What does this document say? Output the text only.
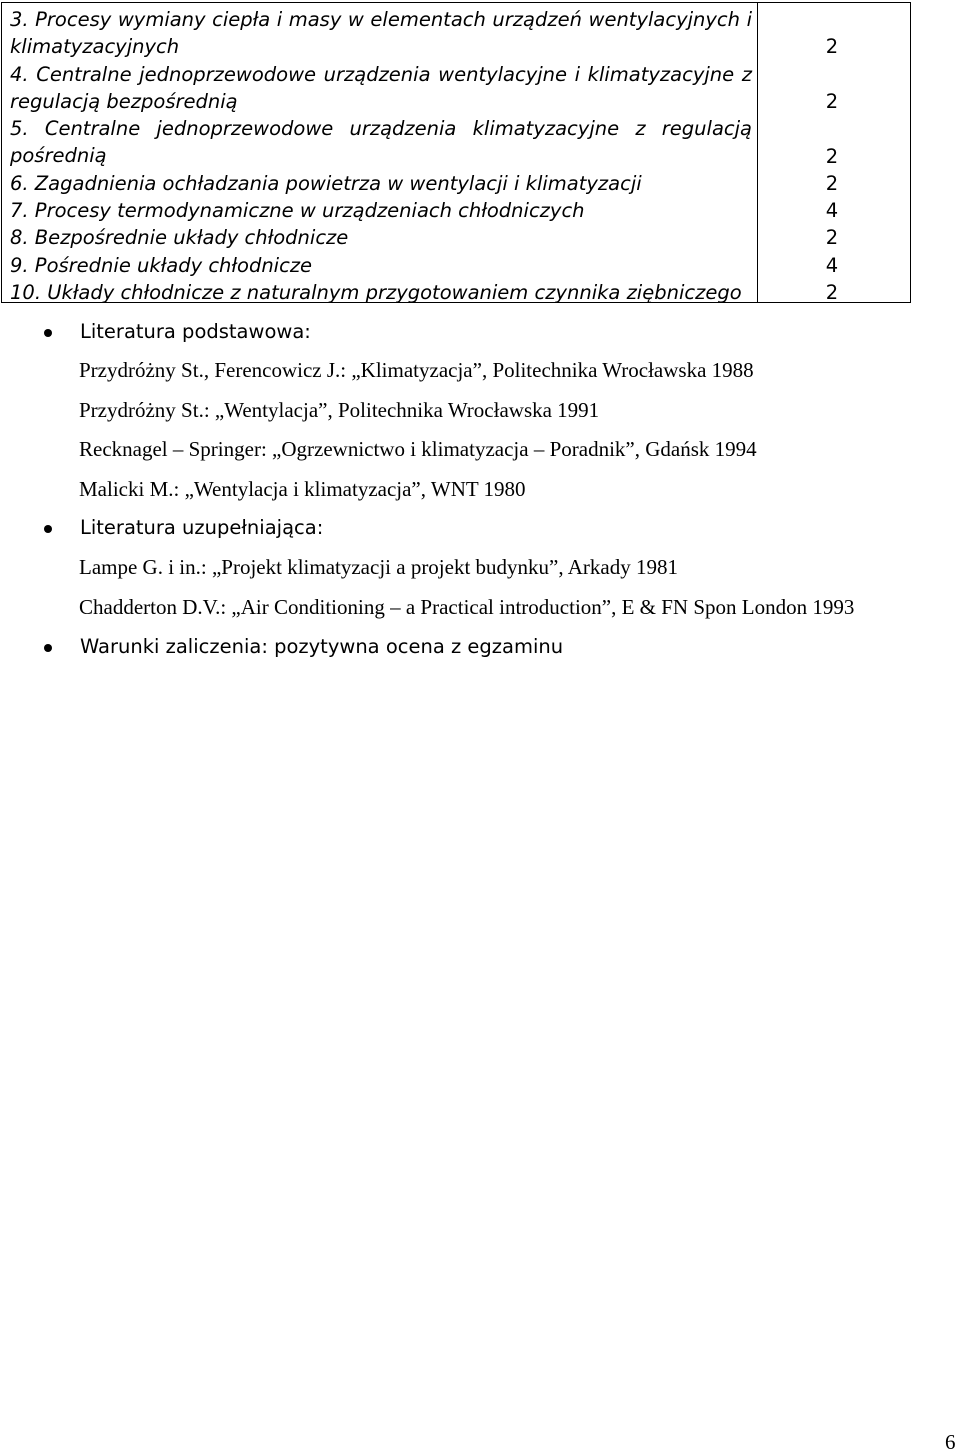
3. Procesy wymiany ciepła i masy w elementach urządzeń wentylacyjnych i klimatyzacyjnych
4. Centralne jednoprzewodowe urządzenia wentylacyjne i klimatyzacyjne z regulacją bezpośrednią
5. Centralne jednoprzewodowe urządzenia klimatyzacyjne z regulacją pośrednią
6. Zagadnienia ochładzania powietrza w wentylacji i klimatyzacji
7. Procesy termodynamiczne w urządzeniach chłodniczych
8. Bezpośrednie układy chłodnicze
9. Pośrednie układy chłodnicze
10. Układy chłodnicze z naturalnym przygotowaniem czynnika ziębniczego
2
2
2
2
4
2
4
2
Literatura podstawowa:
Przydróżny St., Ferencowicz J.: „Klimatyzacja”, Politechnika Wrocławska 1988
Przydróżny St.: „Wentylacja”, Politechnika Wrocławska 1991
Recknagel – Springer: „Ogrzewnictwo i klimatyzacja – Poradnik”, Gdańsk 1994
Malicki M.: „Wentylacja i klimatyzacja”, WNT 1980
Literatura uzupełniająca:
Lampe G. i in.: „Projekt klimatyzacji a projekt budynku”, Arkady 1981
Chadderton D.V.: „Air Conditioning – a Practical introduction”, E & FN Spon London 1993
Warunki zaliczenia: pozytywna ocena z egzaminu
6
